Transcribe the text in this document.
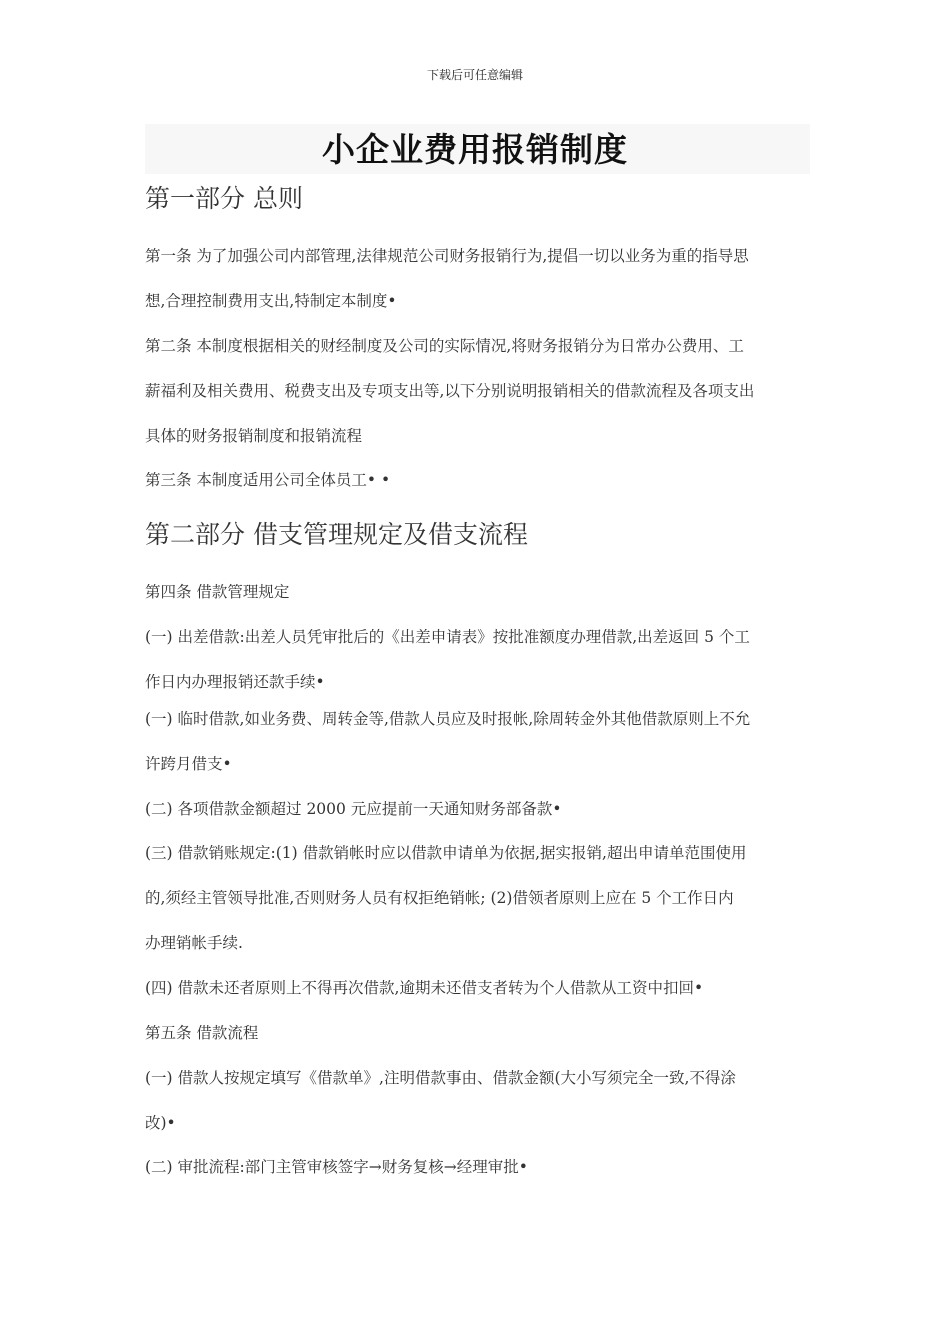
下载后可任意编辑
小企业费用报销制度
第一部分 总则
第一条 为了加强公司内部管理,法律规范公司财务报销行为,提倡一切以业务为重的指导思
想,合理控制费用支出,特制定本制度•
第二条 本制度根据相关的财经制度及公司的实际情况,将财务报销分为日常办公费用、工
薪福利及相关费用、税费支出及专项支出等,以下分别说明报销相关的借款流程及各项支出
具体的财务报销制度和报销流程
第三条 本制度适用公司全体员工• •
第二部分 借支管理规定及借支流程
第四条 借款管理规定
(一) 出差借款:出差人员凭审批后的《出差申请表》按批准额度办理借款,出差返回 5 个工
作日内办理报销还款手续•
(一) 临时借款,如业务费、周转金等,借款人员应及时报帐,除周转金外其他借款原则上不允
许跨月借支•
(二) 各项借款金额超过 2000 元应提前一天通知财务部备款•
(三) 借款销账规定:(1) 借款销帐时应以借款申请单为依据,据实报销,超出申请单范围使用
的,须经主管领导批准,否则财务人员有权拒绝销帐; (2)借领者原则上应在 5 个工作日内
办理销帐手续.
(四) 借款未还者原则上不得再次借款,逾期未还借支者转为个人借款从工资中扣回•
第五条 借款流程
(一) 借款人按规定填写《借款单》,注明借款事由、借款金额(大小写须完全一致,不得涂
改)•
(二) 审批流程:部门主管审核签字→财务复核→经理审批•
